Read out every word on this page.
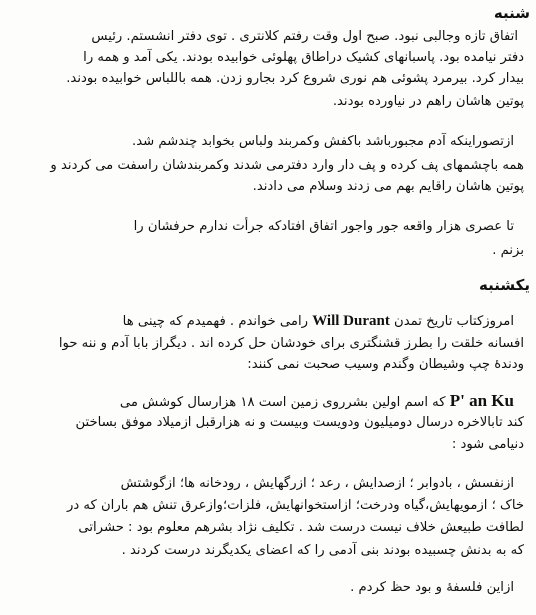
شنبه
اتفاق تازه وجالبی نبود. صبح اول وقت رفتم کلانتری . توی دفتر انشستم. رئیس
دفتر نیامده بود. پاسبانهای کشیک دراطاق پهلوئی خوابیده بودند. یکی آمد و همه را
بیدار کرد. بیرمرد پشوئی هم نوری شروع کرد بجارو زدن. همه باللباس خوابیده بودند.
پوتین هاشان راهم در نیاورده بودند.
ازتصوراینکه آدم مجبورباشد باکفش وکمربند ولباس بخوابد چندشم شد.
همه باچشمهای پف کرده و پف دار وارد دفترمی شدند وکمربندشان راسفت می کردند و
پوتین هاشان راقایم بهم می زدند وسلام می دادند.
تا عصری هزار واقعه جور واجور اتفاق افتادکه جرأت ندارم حرفشان را
بزنم .
یکشنبه
امروزکتاب تاریخ تمدن Will Durant رامی خواندم . فهمیدم که چینی ها
افسانه خلقت را بطرز قشنگتری برای خودشان حل کرده اند . دیگراز بابا آدم و ننه حوا
ودندهٔ چپ وشیطان وگندم وسیب صحبت نمی کنند:
P' an Ku که اسم اولین بشرروی زمین است ۱۸ هزارسال کوشش می
کند تابالاخره درسال دومیلیون ودویست وبیست و نه هزارقبل ازمیلاد موفق بساختن
دنیامی شود :
ازنفسش ، بادوابر ؛ ازصدایش ، رعد ؛ ازرگهایش ، رودخانه ها؛ ازگوشتش
خاک ؛ ازمویهایش،گیاه ودرخت؛ ازاستخوانهایش، فلزات؛وازعرق تنش هم باران که در
لطافت طبیعش خلاف نیست درست شد . تکلیف نژاد بشرهم معلوم بود : حشراتی
که به بدنش چسبیده بودند بنی آدمی را که اعضای یکدیگرند درست کردند .
ازاین فلسفهٔ و بود حظ کردم .
